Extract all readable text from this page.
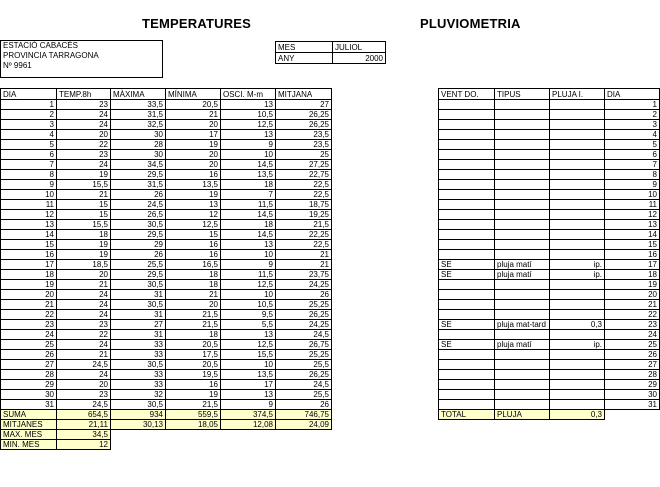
TEMPERATURES	PLUVIOMETRIA
ESTACIÓ CABACÉS
PROVINCIA TARRAGONA
Nº 9961
MES	JULIOL
ANY	2000
DIA	TEMP.8h	MÀXIMA	MÍNIMA	OSCI. M-m	MITJANA
1	23	33,5	20,5	13	27
2	24	31,5	21	10,5	26,25
3	24	32,5	20	12,5	26,25
4	20	30	17	13	23,5
5	22	28	19	9	23,5
6	23	30	20	10	25
7	24	34,5	20	14,5	27,25
8	19	29,5	16	13,5	22,75
9	15,5	31,5	13,5	18	22,5
10	21	26	19	7	22,5
11	15	24,5	13	11,5	18,75
12	15	26,5	12	14,5	19,25
13	15,5	30,5	12,5	18	21,5
14	18	29,5	15	14,5	22,25
15	19	29	16	13	22,5
16	19	26	16	10	21
17	18,5	25,5	16,5	9	21
18	20	29,5	18	11,5	23,75
19	21	30,5	18	12,5	24,25
20	24	31	21	10	26
21	24	30,5	20	10,5	25,25
22	24	31	21,5	9,5	26,25
23	23	27	21,5	5,5	24,25
24	22	31	18	13	24,5
25	24	33	20,5	12,5	26,75
26	21	33	17,5	15,5	25,25
27	24,5	30,5	20,5	10	25,5
28	24	33	19,5	13,5	26,25
29	20	33	16	17	24,5
30	23	32	19	13	25,5
31	24,5	30,5	21,5	9	26
SUMA	654,5	934	559,5	374,5	746,75
MITJANES	21,11	30,13	18,05	12,08	24,09
MAX. MES	34,5				
MIN. MES	12				
VENT DO.	TIPUS	PLUJA I.	DIA
			1
			2
			3
			4
			5
			6
			7
			8
			9
			10
			11
			12
			13
			14
			15
			16
SE	pluja matí	ip.	17
SE	pluja matí	ip.	18
			19
			20
			21
			22
SE	pluja mat-tard	0,3	23
			24
SE	pluja matí	ip.	25
			26
			27
			28
			29
			30
			31
TOTAL	PLUJA	0,3	
